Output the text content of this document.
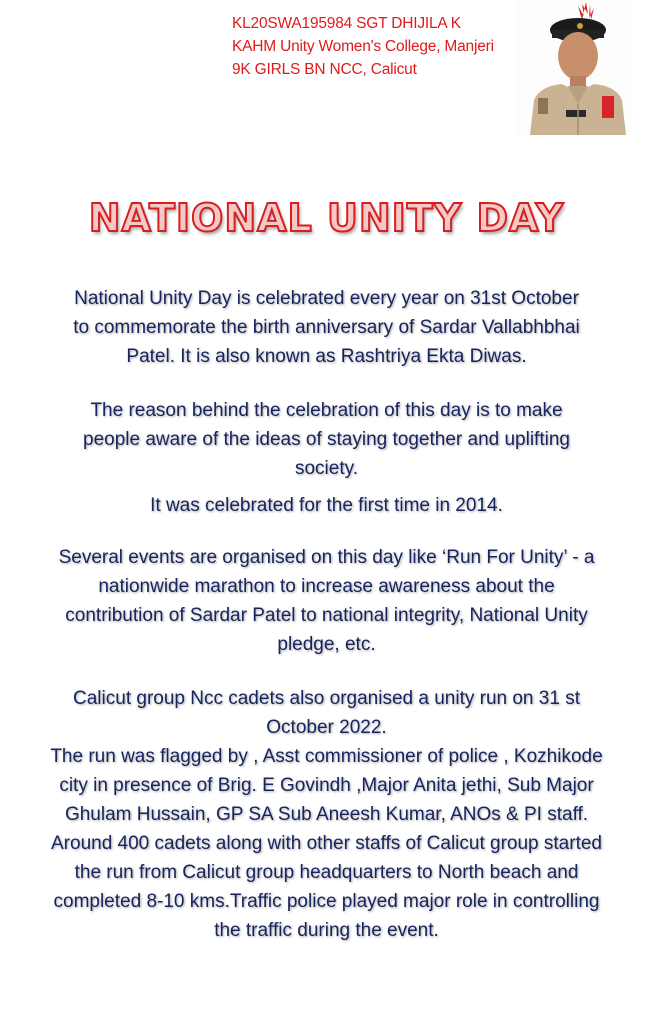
KL20SWA195984 SGT DHIJILA K
KAHM Unity Women's College, Manjeri
9K GIRLS BN NCC, Calicut
NATIONAL UNITY DAY
National Unity Day is celebrated every year on 31st October
to commemorate the birth anniversary of Sardar Vallabhbhai
Patel. It is also known as Rashtriya Ekta Diwas.
The reason behind the celebration of this day is to make
people aware of the ideas of staying together and uplifting
society.
It was celebrated for the first time in 2014.
Several events are organised on this day like ‘Run For Unity’ - a
nationwide marathon to increase awareness about the
contribution of Sardar Patel to national integrity, National Unity
pledge, etc.
Calicut group Ncc cadets also organised a unity run on 31 st
October 2022.
The run was flagged by , Asst commissioner of police , Kozhikode
city in presence of Brig. E Govindh ,Major Anita jethi, Sub Major
Ghulam Hussain, GP SA Sub Aneesh Kumar, ANOs & PI staff.
Around 400 cadets along with other staffs of Calicut group started
the run from Calicut group headquarters to North beach and
completed 8-10 kms.Traffic police played major role in controlling
the traffic during the event.
